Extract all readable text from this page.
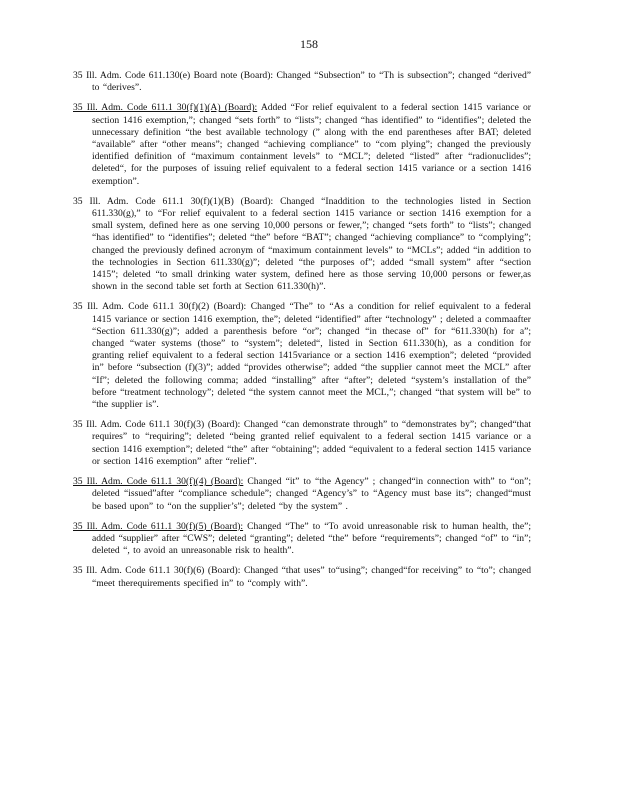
158

35 Ill. Adm. Code 611.130(e) Board note (Board): Changed “Subsection” to “Th is subsection”; changed “derived” to “derives”.

35 Ill. Adm. Code 611.1 30(f)(1)(A) (Board): Added “For relief equivalent to a federal section 1415 variance or section 1416 exemption,”; changed “sets forth” to “lists”; changed “has identified” to “identifies”; deleted the unnecessary definition “the best available technology (” along with the end parentheses after BAT; deleted “available” after “other means”; changed “achieving compliance” to “com plying”; changed the previously identified definition of “maximum containment levels” to “MCL”; deleted “listed” after “radionuclides”; deleted“, for the purposes of issuing relief equivalent to a federal section 1415 variance or a section 1416 exemption”.

35 Ill. Adm. Code 611.1 30(f)(1)(B) (Board): Changed “Inaddition to the technologies listed in Section 611.330(g),” to “For relief equivalent to a federal section 1415 variance or section 1416 exemption for a small system, defined here as one serving 10,000 persons or fewer,”; changed “sets forth” to “lists”; changed “has identified” to “identifies”; deleted “the” before “BAT”; changed “achieving compliance” to “complying”; changed the previously defined acronym of “maximum containment levels” to “MCLs”; added “in addition to the technologies in Section 611.330(g)”; deleted “the purposes of”; added “small system” after “section 1415”; deleted “to small drinking water system, defined here as those serving 10,000 persons or fewer,as shown in the second table set forth at Section 611.330(h)”.

35 Ill. Adm. Code 611.1 30(f)(2) (Board): Changed “The” to “As a condition for relief equivalent to a federal 1415 variance or section 1416 exemption, the”; deleted “identified” after “technology” ; deleted a commaafter “Section 611.330(g)”; added a parenthesis before “or”; changed “in thecase of” for “611.330(h) for a”; changed “water systems (those” to “system”; deleted“, listed in Section 611.330(h), as a condition for granting relief equivalent to a federal section 1415variance or a section 1416 exemption”; deleted “provided in” before “subsection (f)(3)”; added “provides otherwise”; added “the supplier cannot meet the MCL” after “If”; deleted the following comma; added “installing” after “after”; deleted “system’s installation of the” before “treatment technology”; deleted “the system cannot meet the MCL,”; changed “that system will be” to “the supplier is”.

35 Ill. Adm. Code 611.1 30(f)(3) (Board): Changed “can demonstrate through” to “demonstrates by”; changed“that requires” to “requiring”; deleted “being granted relief equivalent to a federal section 1415 variance or a section 1416 exemption”; deleted “the” after “obtaining”; added “equivalent to a federal section 1415 variance or section 1416 exemption” after “relief”.

35 Ill. Adm. Code 611.1 30(f)(4) (Board): Changed “it” to “the Agency” ; changed“in connection with” to “on”; deleted “issued”after “compliance schedule”; changed “Agency’s” to “Agency must base its”; changed“must be based upon” to “on the supplier’s”; deleted “by the system” .

35 Ill. Adm. Code 611.1 30(f)(5) (Board): Changed “The” to “To avoid unreasonable risk to human health, the”; added “supplier” after “CWS”; deleted “granting”; deleted “the” before “requirements”; changed “of” to “in”; deleted “, to avoid an unreasonable risk to health”.

35 Ill. Adm. Code 611.1 30(f)(6) (Board): Changed “that uses” to“using”; changed“for receiving” to “to”; changed “meet therequirements specified in” to “comply with”.
